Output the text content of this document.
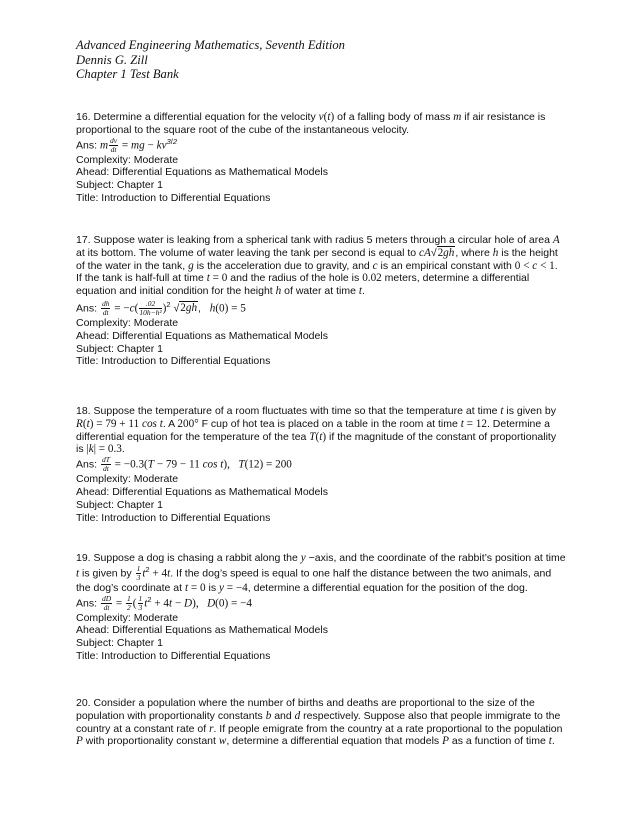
Advanced Engineering Mathematics, Seventh Edition
Dennis G. Zill
Chapter 1 Test Bank

16. Determine a differential equation for the velocity v(t) of a falling body of mass m if air resistance is proportional to the square root of the cube of the instantaneous velocity.

Ans: m $\frac{dv}{dt}$ = mg − $kv^{3/2}$

Complexity: Moderate
Ahead: Differential Equations as Mathematical Models
Subject: Chapter 1
Title: Introduction to Differential Equations

17. Suppose water is leaking from a spherical tank with radius 5 meters through a circular hole of area A at its bottom. The volume of water leaving the tank per second is equal to cA√2gh, where h is the height of the water in the tank, g is the acceleration due to gravity, and c is an empirical constant with 0 < c < 1. If the tank is half-full at time t = 0 and the radius of the hole is 0.02 meters, determine a differential equation and initial condition for the height h of water at time t.

Ans: $\frac{dh}{dt} = -c( \frac{.02}{\text{10h−h²}} )^2$ √2gh,   h(0) = 5

Complexity: Moderate
Ahead: Differential Equations as Mathematical Models
Subject: Chapter 1
Title: Introduction to Differential Equations

18. Suppose the temperature of a room fluctuates with time so that the temperature at time t is given by R(t) = 79 + 11 cos t. A 200° F cup of hot tea is placed on a table in the room at time t = 12. Determine a differential equation for the temperature of the tea T(t) if the magnitude of the constant of proportionality is |k| = 0.3.

Ans: $\frac{dT}{dt} = -0.3(T - 79 - 11$ cos t),   T(12) = 200

Complexity: Moderate
Ahead: Differential Equations as Mathematical Models
Subject: Chapter 1
Title: Introduction to Differential Equations

19. Suppose a dog is chasing a rabbit along the y −axis, and the coordinate of the rabbit’s position at time t is given by $\frac{1}{3} t^2 + 4t$. If the dog’s speed is equal to one half the distance between the two animals, and the dog’s coordinate at t = 0 is y = −4, determine a differential equation for the position of the dog.

Ans: $\frac{dD}{dt} = \frac{1}{2}$ ( $\frac{1}{3} t^2 + 4t - D$),   D(0) = −4

Complexity: Moderate
Ahead: Differential Equations as Mathematical Models
Subject: Chapter 1
Title: Introduction to Differential Equations

20. Consider a population where the number of births and deaths are proportional to the size of the population with proportionality constants b and d respectively. Suppose also that people immigrate to the country at a constant rate of r. If people emigrate from the country at a rate proportional to the population P with proportionality constant w, determine a differential equation that models P as a function of time t.
